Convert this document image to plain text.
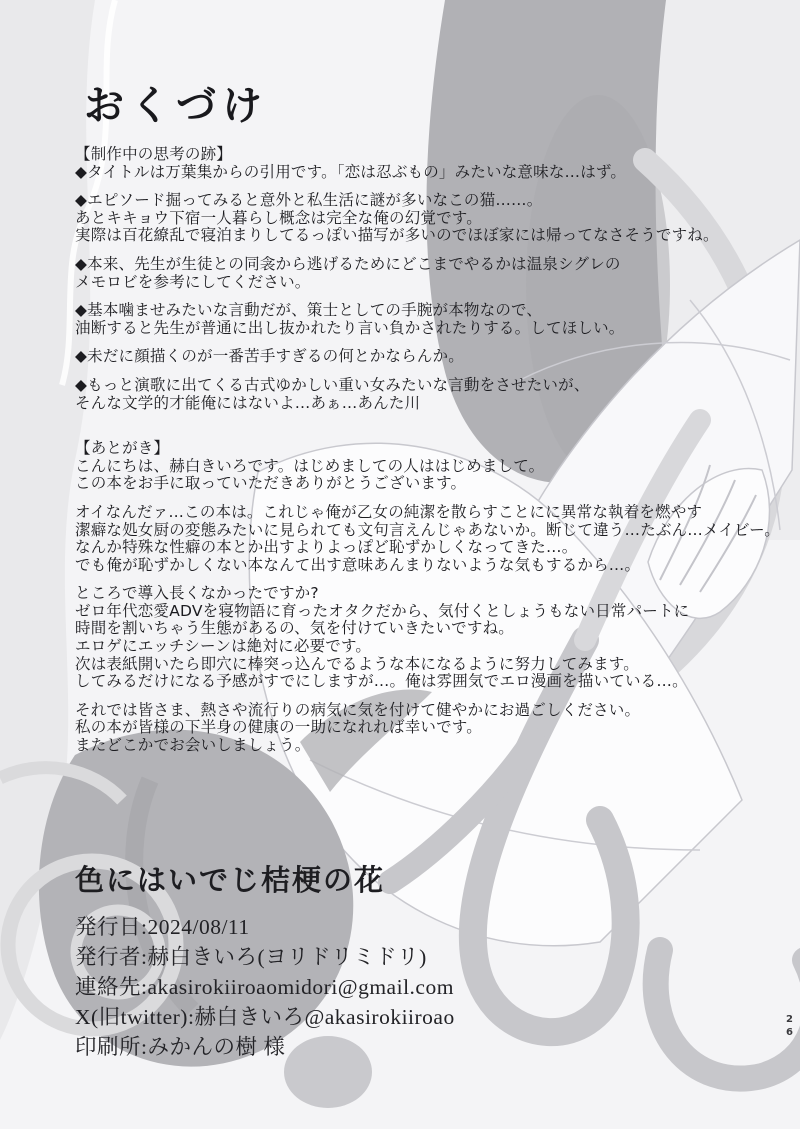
おくづけ

【制作中の思考の跡】

◆タイトルは万葉集からの引用です。「恋は忍ぶもの」みたいな意味な…はず。
◆エピソード掘ってみると意外と私生活に謎が多いなこの猫……。
あとキキョウ下宿一人暮らし概念は完全な俺の幻覚です。
実際は百花繚乱で寝泊まりしてるっぽい描写が多いのでほぼ家には帰ってなさそうですね。
◆本来、先生が生徒との同衾から逃げるためにどこまでやるかは温泉シグレの
メモロビを参考にしてください。
◆基本噛ませみたいな言動だが、策士としての手腕が本物なので、
油断すると先生が普通に出し抜かれたり言い負かされたりする。してほしい。
◆未だに顔描くのが一番苦手すぎるの何とかならんか。
◆もっと演歌に出てくる古式ゆかしい重い女みたいな言動をさせたいが、
そんな文学的才能俺にはないよ…あぁ…あんた川

【あとがき】

こんにちは、赫白きいろです。はじめましての人ははじめまして。
この本をお手に取っていただきありがとうございます。
オイなんだァ…この本は。これじゃ俺が乙女の純潔を散らすことにに異常な執着を燃やす
潔癖な処女厨の変態みたいに見られても文句言えんじゃあないか。断じて違う…たぶん…メイビー。
なんか特殊な性癖の本とか出すよりよっぽど恥ずかしくなってきた…。
でも俺が恥ずかしくない本なんて出す意味あんまりないような気もするから…。
ところで導入長くなかったですか?
ゼロ年代恋愛ADVを寝物語に育ったオタクだから、気付くとしょうもない日常パートに
時間を割いちゃう生態があるの、気を付けていきたいですね。
エロゲにエッチシーンは絶対に必要です。
次は表紙開いたら即穴に棒突っ込んでるような本になるように努力してみます。
してみるだけになる予感がすでにしますが…。俺は雰囲気でエロ漫画を描いている…。
それでは皆さま、熱さや流行りの病気に気を付けて健やかにお過ごしください。
私の本が皆様の下半身の健康の一助になれれば幸いです。
またどこかでお会いしましょう。
色にはいでじ桔梗の花
発行日:2024/08/11
発行者:赫白きいろ(ヨリドリミドリ)
連絡先:akasirokiiroaomidori@gmail.com
X(旧twitter):赫白きいろ@akasirokiiroao
印刷所:みかんの樹 様
26
